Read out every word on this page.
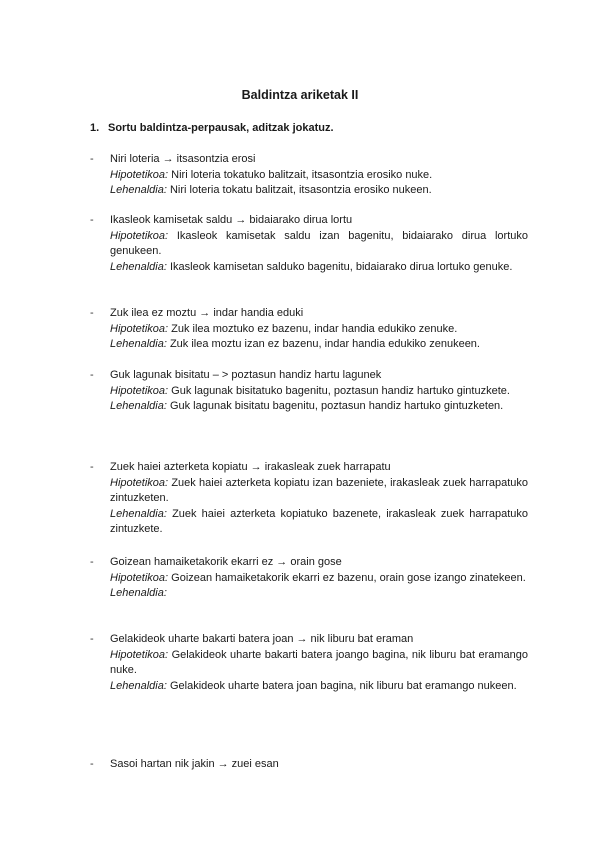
Baldintza ariketak II
1. Sortu baldintza-perpausak, aditzak jokatuz.
-	Niri loteria → itsasontzia erosi

Hipotetikoa: Niri loteria tokatuko balitzait, itsasontzia erosiko nuke.

Lehenaldia: Niri loteria tokatu balitzait, itsasontzia erosiko nukeen.

-	Ikasleok kamisetak saldu → bidaiarako dirua lortu

Hipotetikoa: Ikasleok kamisetak saldu izan bagenitu, bidaiarako dirua lortuko genukeen.

Lehenaldia: Ikasleok kamisetan salduko bagenitu, bidaiarako dirua lortuko genuke.

-	Zuk ilea ez moztu → indar handia eduki

Hipotetikoa: Zuk ilea moztuko ez bazenu, indar handia edukiko zenuke.

Lehenaldia: Zuk ilea moztu izan ez bazenu, indar handia edukiko zenukeen.

-	Guk lagunak bisitatu – > poztasun handiz hartu lagunek

Hipotetikoa: Guk lagunak bisitatuko bagenitu, poztasun handiz hartuko gintuzkete.

Lehenaldia: Guk lagunak bisitatu bagenitu, poztasun handiz hartuko gintuzketen.

-	Zuek haiei azterketa kopiatu → irakasleak zuek harrapatu

Hipotetikoa: Zuek haiei azterketa kopiatu izan bazeniete, irakasleak zuek harrapatuko zintuzketen.

Lehenaldia: Zuek haiei azterketa kopiatuko bazenete, irakasleak zuek harrapatuko zintuzkete.

-	Goizean hamaiketakorik ekarri ez → orain gose

Hipotetikoa: Goizean hamaiketakorik ekarri ez bazenu, orain gose izango zinatekeen.

Lehenaldia:

-	Gelakideok uharte bakarti batera joan → nik liburu bat eraman

Hipotetikoa: Gelakideok uharte bakarti batera joango bagina, nik liburu bat eramango nuke.

Lehenaldia: Gelakideok uharte batera joan bagina, nik liburu bat eramango nukeen.

-	Sasoi hartan nik jakin → zuei esan
